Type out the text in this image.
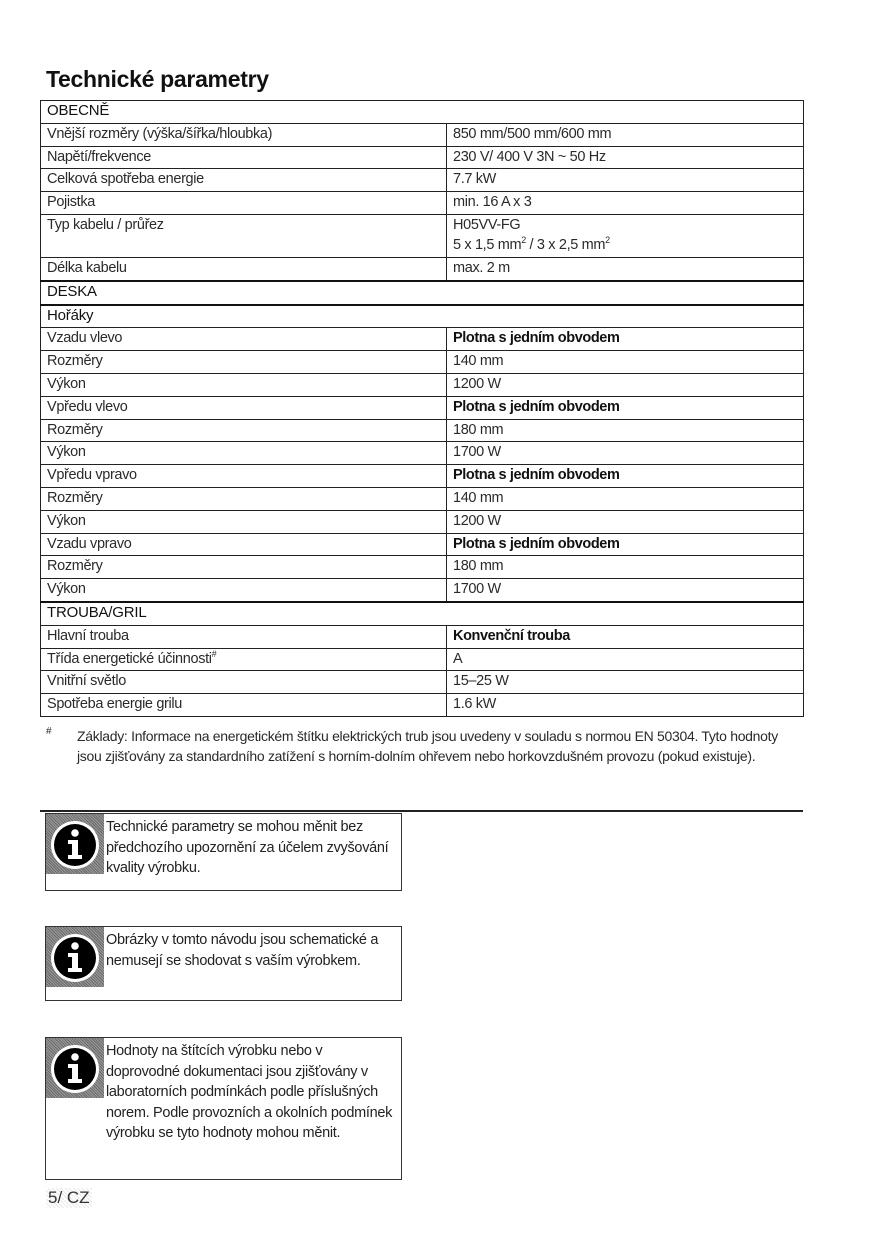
Technické parametry
OBECNĚ	
Vnější rozměry (výška/šířka/hloubka)	850 mm/500 mm/600 mm
Napětí/frekvence	230 V/ 400 V 3N ~ 50 Hz
Celková spotřeba energie	7.7 kW
Pojistka	min. 16 A x 3
Typ kabelu / průřez	H05VV-FG
5 x 1,5 $mm^2 / 3$ x 2,5 $mm^2$

Délka kabelu	max. 2 m
DESKA	
Hořáky	
Vzadu vlevo	Plotna s jedním obvodem
Rozměry	140 mm
Výkon	1200 W
Vpředu vlevo	Plotna s jedním obvodem
Rozměry	180 mm
Výkon	1700 W
Vpředu vpravo	Plotna s jedním obvodem
Rozměry	140 mm
Výkon	1200 W
Vzadu vpravo	Plotna s jedním obvodem
Rozměry	180 mm
Výkon	1700 W
TROUBA/GRIL	
Hlavní trouba	Konvenční trouba
Třída energetické účinnosti#	A
Vnitřní světlo	15–25 W
Spotřeba energie grilu	1.6 kW
# Základy: Informace na energetickém štítku elektrických trub jsou uvedeny v souladu s normou EN 50304. Tyto hodnoty jsou zjišťovány za standardního zatížení s horním-dolním ohřevem nebo horkovzdušném provozu (pokud existuje).
Technické parametry se mohou měnit bez předchozího upozornění za účelem zvyšování kvality výrobku.
Obrázky v tomto návodu jsou schematické a nemusejí se shodovat s vaším výrobkem.
Hodnoty na štítcích výrobku nebo v doprovodné dokumentaci jsou zjišťovány v laboratorních podmínkách podle příslušných norem. Podle provozních a okolních podmínek výrobku se tyto hodnoty mohou měnit.
5/ CZ
